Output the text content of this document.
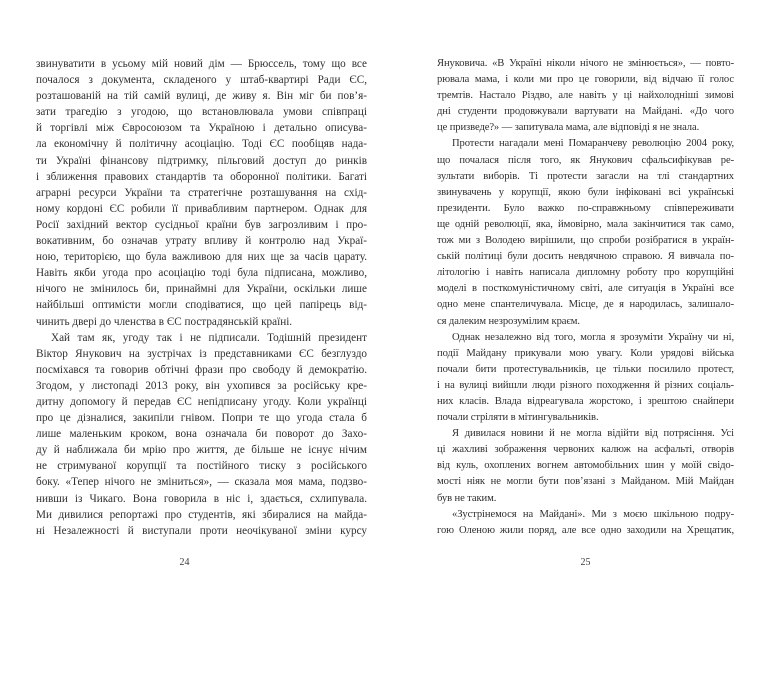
звинуватити в усьому мій новий дім — Брюссель, тому що все
почалося з документа, складеного у штаб-квартирі Ради ЄС,
розташованій на тій самій вулиці, де живу я. Він міг би пов’я-
зати трагедію з угодою, що встановлювала умови співпраці
й торгівлі між Євросоюзом та Україною і детально описува-
ла економічну й політичну асоціацію. Тоді ЄС пообіцяв нада-
ти Україні фінансову підтримку, пільговий доступ до ринків
і зближення правових стандартів та оборонної політики. Багаті
аграрні ресурси України та стратегічне розташування на схід-
ному кордоні ЄС робили її привабливим партнером. Однак для
Росії західний вектор сусідньої країни був загрозливим і про-
вокативним, бо означав утрату впливу й контролю над Украї-
ною, територією, що була важливою для них ще за часів царату.
Навіть якби угода про асоціацію тоді була підписана, можливо,
нічого не змінилось би, принаймні для України, оскільки лише
найбільші оптимісти могли сподіватися, що цей папірець від-
чинить двері до членства в ЄС пострадянській країні.
Хай там як, угоду так і не підписали. Тодішній президент
Віктор Янукович на зустрічах із представниками ЄС безглуздо
посміхався та говорив обтічні фрази про свободу й демократію.
Згодом, у листопаді 2013 року, він ухопився за російську кре-
дитну допомогу й передав ЄС непідписану угоду. Коли українці
про це дізналися, закипіли гнівом. Попри те що угода стала б
лише маленьким кроком, вона означала би поворот до Захо-
ду й наближала би мрію про життя, де більше не існує нічим
не стримуваної корупції та постійного тиску з російського
боку. «Тепер нічого не зміниться», — сказала моя мама, подзво-
нивши із Чикаго. Вона говорила в ніс і, здається, схлипувала.
Ми дивилися репортажі про студентів, які збиралися на майда-
ні Незалежності й виступали проти неочікуваної зміни курсу
24
Януковича. «В Україні ніколи нічого не змінюється», — повто-
рювала мама, і коли ми про це говорили, від відчаю її голос
тремтів. Настало Різдво, але навіть у ці найхолодніші зимові
дні студенти продовжували вартувати на Майдані. «До чого
це призведе?» — запитувала мама, але відповіді я не знала.
Протести нагадали мені Помаранчеву революцію 2004 року,
що почалася після того, як Янукович сфальсифікував ре-
зультати виборів. Ті протести загасли на тлі стандартних
звинувачень у корупції, якою були інфіковані всі українські
президенти. Було важко по-справжньому співпереживати
ще одній революції, яка, ймовірно, мала закінчитися так само,
тож ми з Володею вирішили, що спроби розібратися в україн-
ській політиці були досить невдячною справою. Я вивчала по-
літологію і навіть написала дипломну роботу про корупційні
моделі в посткомуністичному світі, але ситуація в Україні все
одно мене спантеличувала. Місце, де я народилась, залишало-
ся далеким незрозумілим краєм.
Однак незалежно від того, могла я зрозуміти Україну чи ні,
події Майдану прикували мою увагу. Коли урядові війська
почали бити протестувальників, це тільки посилило протест,
і на вулиці вийшли люди різного походження й різних соціаль-
них класів. Влада відреагувала жорстоко, і зрештою снайпери
почали стріляти в мітингувальників.
Я дивилася новини й не могла відійти від потрясіння. Усі
ці жахливі зображення червоних калюж на асфальті, отворів
від куль, охоплених вогнем автомобільних шин у моїй свідо-
мості ніяк не могли бути пов’язані з Майданом. Мій Майдан
був не таким.
«Зустрінемося на Майдані». Ми з моєю шкільною подру-
гою Оленою жили поряд, але все одно заходили на Хрещатик,
25
